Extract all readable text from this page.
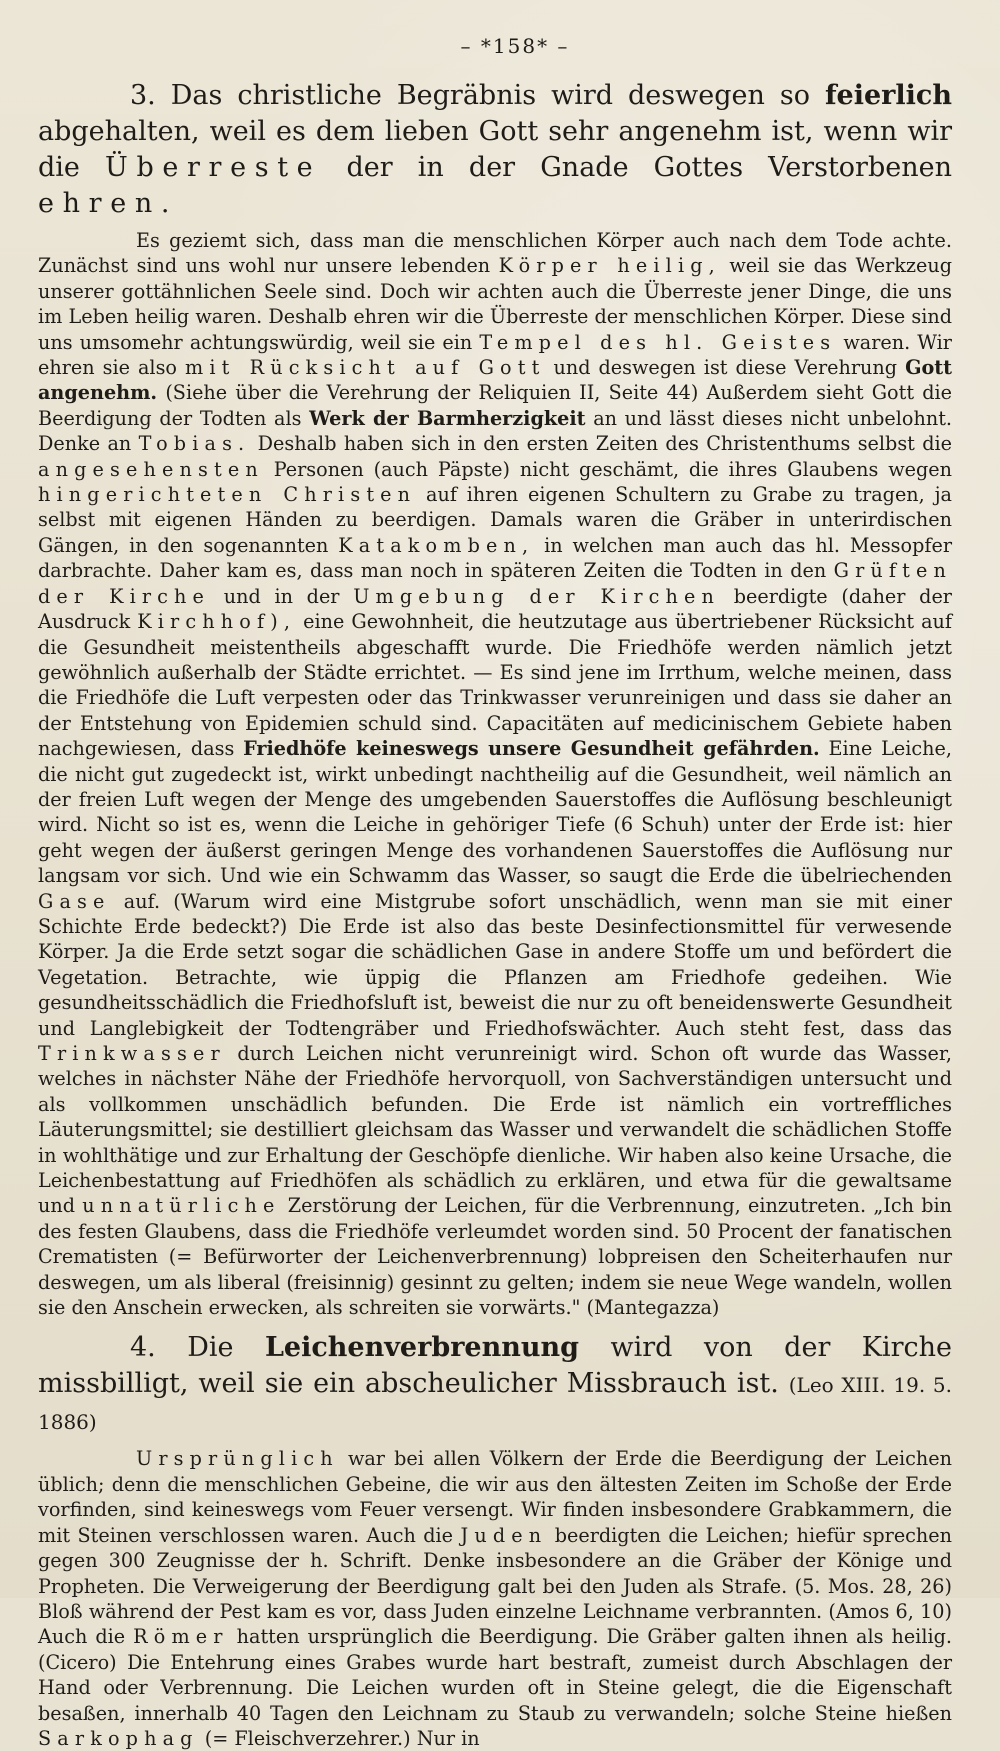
– *158* –
3. Das christliche Begräbnis wird deswegen so feierlich abgehalten, weil es dem lieben Gott sehr angenehm ist, wenn wir die Überreste der in der Gnade Gottes Verstorbenen ehren.

Es geziemt sich, dass man die menschlichen Körper auch nach dem Tode achte. Zunächst sind uns wohl nur unsere lebenden Körper heilig, weil sie das Werkzeug unserer gottähnlichen Seele sind. Doch wir achten auch die Überreste jener Dinge, die uns im Leben heilig waren. Deshalb ehren wir die Überreste der menschlichen Körper. Diese sind uns umsomehr achtungswürdig, weil sie ein Tempel des hl. Geistes waren. Wir ehren sie also mit Rücksicht auf Gott und deswegen ist diese Verehrung Gott angenehm. (Siehe über die Verehrung der Reliquien II, Seite 44) Außerdem sieht Gott die Beerdigung der Todten als Werk der Barmherzigkeit an und lässt dieses nicht unbelohnt. Denke an Tobias. Deshalb haben sich in den ersten Zeiten des Christenthums selbst die angesehensten Personen (auch Päpste) nicht geschämt, die ihres Glaubens wegen hingerichteten Christen auf ihren eigenen Schultern zu Grabe zu tragen, ja selbst mit eigenen Händen zu beerdigen. Damals waren die Gräber in unterirdischen Gängen, in den sogenannten Katakomben, in welchen man auch das hl. Messopfer darbrachte. Daher kam es, dass man noch in späteren Zeiten die Todten in den Grüften der Kirche und in der Umgebung der Kirchen beerdigte (daher der Ausdruck Kirchhof), eine Gewohnheit, die heutzutage aus übertriebener Rücksicht auf die Gesundheit meistentheils abgeschafft wurde. Die Friedhöfe werden nämlich jetzt gewöhnlich außerhalb der Städte errichtet. — Es sind jene im Irrthum, welche meinen, dass die Friedhöfe die Luft verpesten oder das Trinkwasser verunreinigen und dass sie daher an der Entstehung von Epidemien schuld sind. Capacitäten auf medicinischem Gebiete haben nachgewiesen, dass Friedhöfe keineswegs unsere Gesundheit gefährden. Eine Leiche, die nicht gut zugedeckt ist, wirkt unbedingt nachtheilig auf die Gesundheit, weil nämlich an der freien Luft wegen der Menge des umgebenden Sauerstoffes die Auflösung beschleunigt wird. Nicht so ist es, wenn die Leiche in gehöriger Tiefe (6 Schuh) unter der Erde ist: hier geht wegen der äußerst geringen Menge des vorhandenen Sauerstoffes die Auflösung nur langsam vor sich. Und wie ein Schwamm das Wasser, so saugt die Erde die übelriechenden Gase auf. (Warum wird eine Mistgrube sofort unschädlich, wenn man sie mit einer Schichte Erde bedeckt?) Die Erde ist also das beste Desinfectionsmittel für verwesende Körper. Ja die Erde setzt sogar die schädlichen Gase in andere Stoffe um und befördert die Vegetation. Betrachte, wie üppig die Pflanzen am Friedhofe gedeihen. Wie gesundheitsschädlich die Friedhofsluft ist, beweist die nur zu oft beneidenswerte Gesundheit und Langlebigkeit der Todtengräber und Friedhofswächter. Auch steht fest, dass das Trinkwasser durch Leichen nicht verunreinigt wird. Schon oft wurde das Wasser, welches in nächster Nähe der Friedhöfe hervorquoll, von Sachverständigen untersucht und als vollkommen unschädlich befunden. Die Erde ist nämlich ein vortreffliches Läuterungsmittel; sie destilliert gleichsam das Wasser und verwandelt die schädlichen Stoffe in wohlthätige und zur Erhaltung der Geschöpfe dienliche. Wir haben also keine Ursache, die Leichenbestattung auf Friedhöfen als schädlich zu erklären, und etwa für die gewaltsame und unnatürliche Zerstörung der Leichen, für die Verbrennung, einzutreten. „Ich bin des festen Glaubens, dass die Friedhöfe verleumdet worden sind. 50 Procent der fanatischen Crematisten (= Befürworter der Leichenverbrennung) lobpreisen den Scheiterhaufen nur deswegen, um als liberal (freisinnig) gesinnt zu gelten; indem sie neue Wege wandeln, wollen sie den Anschein erwecken, als schreiten sie vorwärts." (Mantegazza)

4. Die Leichenverbrennung wird von der Kirche missbilligt, weil sie ein abscheulicher Missbrauch ist. (Leo XIII. 19. 5. 1886)

Ursprünglich war bei allen Völkern der Erde die Beerdigung der Leichen üblich; denn die menschlichen Gebeine, die wir aus den ältesten Zeiten im Schoße der Erde vorfinden, sind keineswegs vom Feuer versengt. Wir finden insbesondere Grabkammern, die mit Steinen verschlossen waren. Auch die Juden beerdigten die Leichen; hiefür sprechen gegen 300 Zeugnisse der h. Schrift. Denke insbesondere an die Gräber der Könige und Propheten. Die Verweigerung der Beerdigung galt bei den Juden als Strafe. (5. Mos. 28, 26) Bloß während der Pest kam es vor, dass Juden einzelne Leichname verbrannten. (Amos 6, 10) Auch die Römer hatten ursprünglich die Beerdigung. Die Gräber galten ihnen als heilig. (Cicero) Die Entehrung eines Grabes wurde hart bestraft, zumeist durch Abschlagen der Hand oder Verbrennung. Die Leichen wurden oft in Steine gelegt, die die Eigenschaft besaßen, innerhalb 40 Tagen den Leichnam zu Staub zu verwandeln; solche Steine hießen Sarkophag (= Fleischverzehrer.) Nur in
